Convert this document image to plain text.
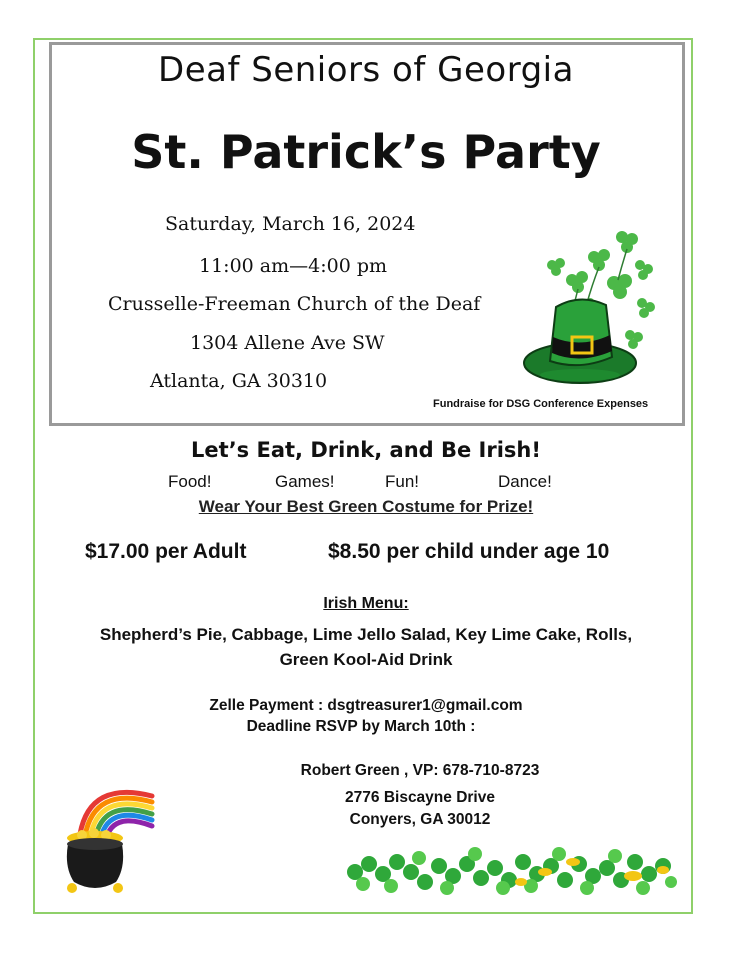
Deaf Seniors of Georgia
St. Patrick’s Party
Saturday, March 16, 2024
11:00 am—4:00 pm
Crusselle-Freeman Church of the Deaf
1304 Allene Ave SW
Atlanta, GA 30310
Fundraise for DSG Conference Expenses
Let’s Eat, Drink, and Be Irish!
Food!	Games!	Fun!	Dance!
Wear Your Best Green Costume for Prize!
$17.00 per Adult	$8.50 per child under age 10
Irish Menu:
Shepherd’s Pie, Cabbage, Lime Jello Salad, Key Lime Cake, Rolls,
Green Kool-Aid Drink
Zelle Payment : dsgtreasurer1@gmail.com
Deadline RSVP by March 10th :
Robert Green , VP: 678-710-8723
2776 Biscayne Drive
Conyers, GA 30012
